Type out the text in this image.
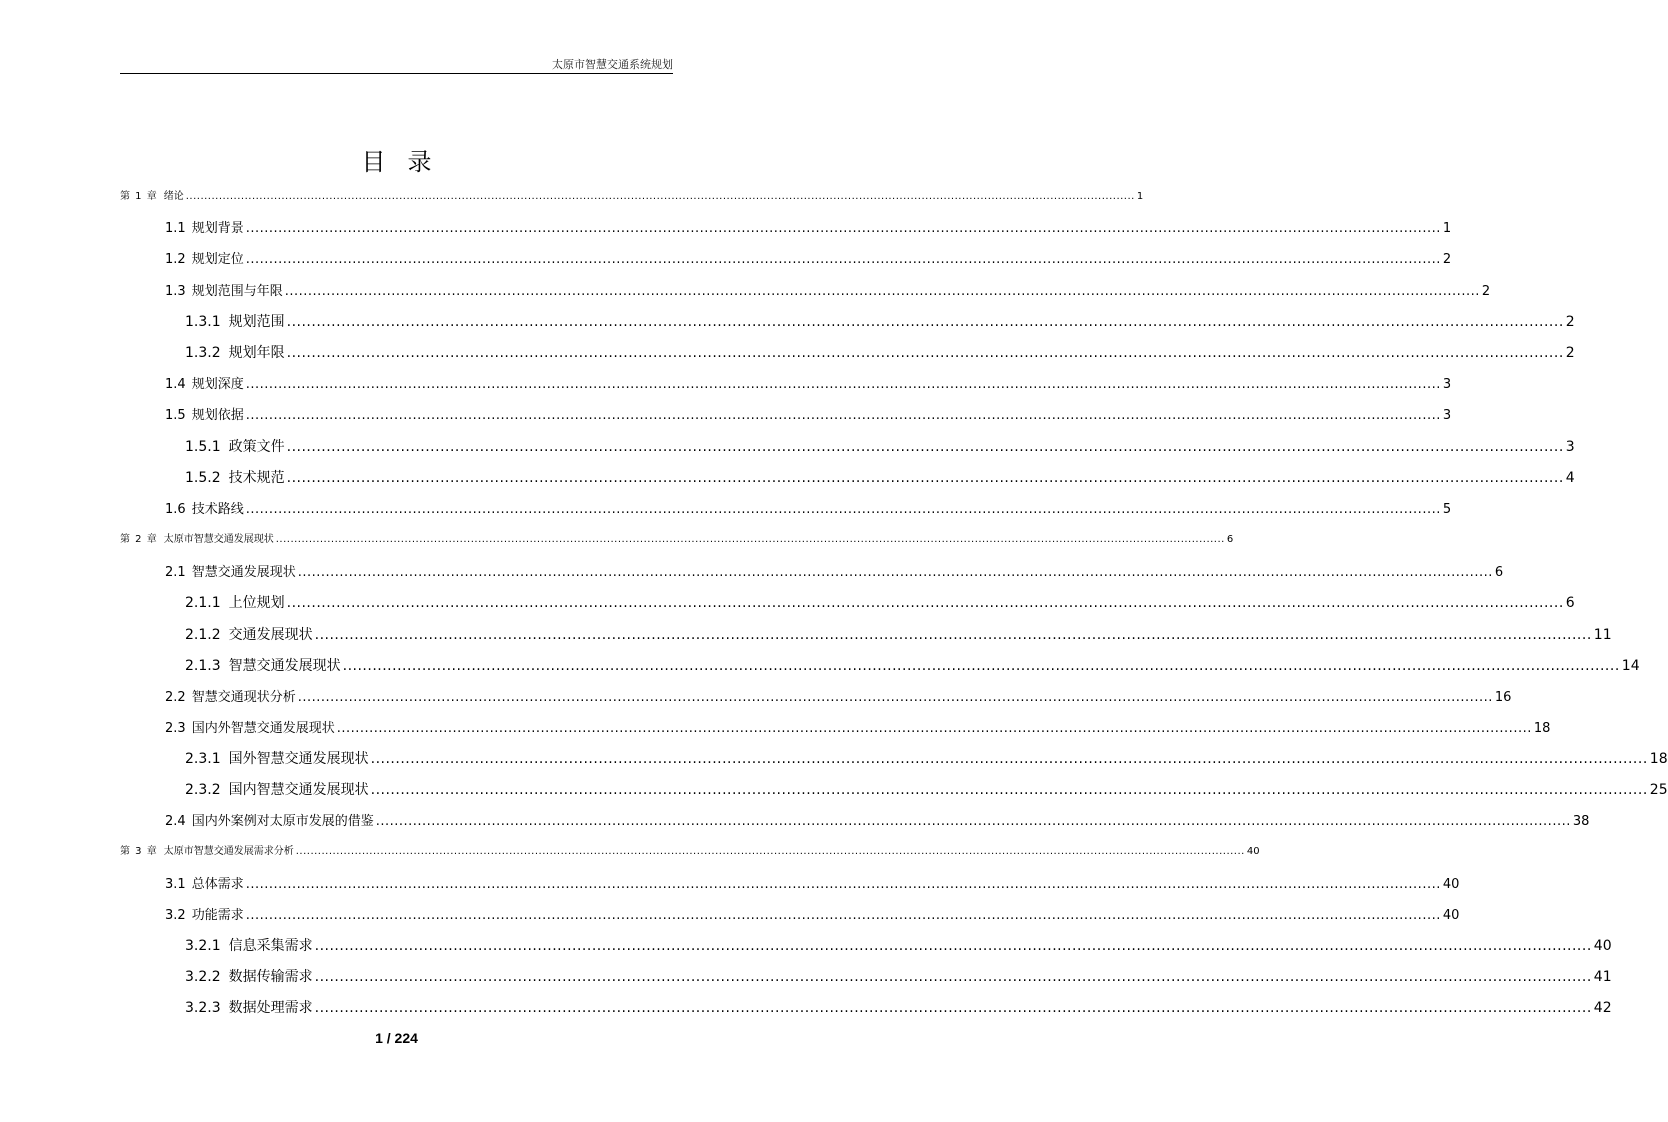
太原市智慧交通系统规划
目录
第 1 章 绪论 .................................................................................................................................................................................................................................................................. 1
1.1 规划背景 .................................................................................................................................................................................................................................................................. 1
1.2 规划定位 .................................................................................................................................................................................................................................................................. 2
1.3 规划范围与年限 .................................................................................................................................................................................................................................................................. 2
1.3.1 规划范围 .................................................................................................................................................................................................................................................................. 2
1.3.2 规划年限 .................................................................................................................................................................................................................................................................. 2
1.4 规划深度 .................................................................................................................................................................................................................................................................. 3
1.5 规划依据 .................................................................................................................................................................................................................................................................. 3
1.5.1 政策文件 .................................................................................................................................................................................................................................................................. 3
1.5.2 技术规范 .................................................................................................................................................................................................................................................................. 4
1.6 技术路线 .................................................................................................................................................................................................................................................................. 5
第 2 章 太原市智慧交通发展现状 .................................................................................................................................................................................................................................................................. 6
2.1 智慧交通发展现状 .................................................................................................................................................................................................................................................................. 6
2.1.1 上位规划 .................................................................................................................................................................................................................................................................. 6
2.1.2 交通发展现状 .................................................................................................................................................................................................................................................................. 11
2.1.3 智慧交通发展现状 .................................................................................................................................................................................................................................................................. 14
2.2 智慧交通现状分析 .................................................................................................................................................................................................................................................................. 16
2.3 国内外智慧交通发展现状 .................................................................................................................................................................................................................................................................. 18
2.3.1 国外智慧交通发展现状 .................................................................................................................................................................................................................................................................. 18
2.3.2 国内智慧交通发展现状 .................................................................................................................................................................................................................................................................. 25
2.4 国内外案例对太原市发展的借鉴 .................................................................................................................................................................................................................................................................. 38
第 3 章 太原市智慧交通发展需求分析 .................................................................................................................................................................................................................................................................. 40
3.1 总体需求 .................................................................................................................................................................................................................................................................. 40
3.2 功能需求 .................................................................................................................................................................................................................................................................. 40
3.2.1 信息采集需求 .................................................................................................................................................................................................................................................................. 40
3.2.2 数据传输需求 .................................................................................................................................................................................................................................................................. 41
3.2.3 数据处理需求 .................................................................................................................................................................................................................................................................. 42
1 / 224
